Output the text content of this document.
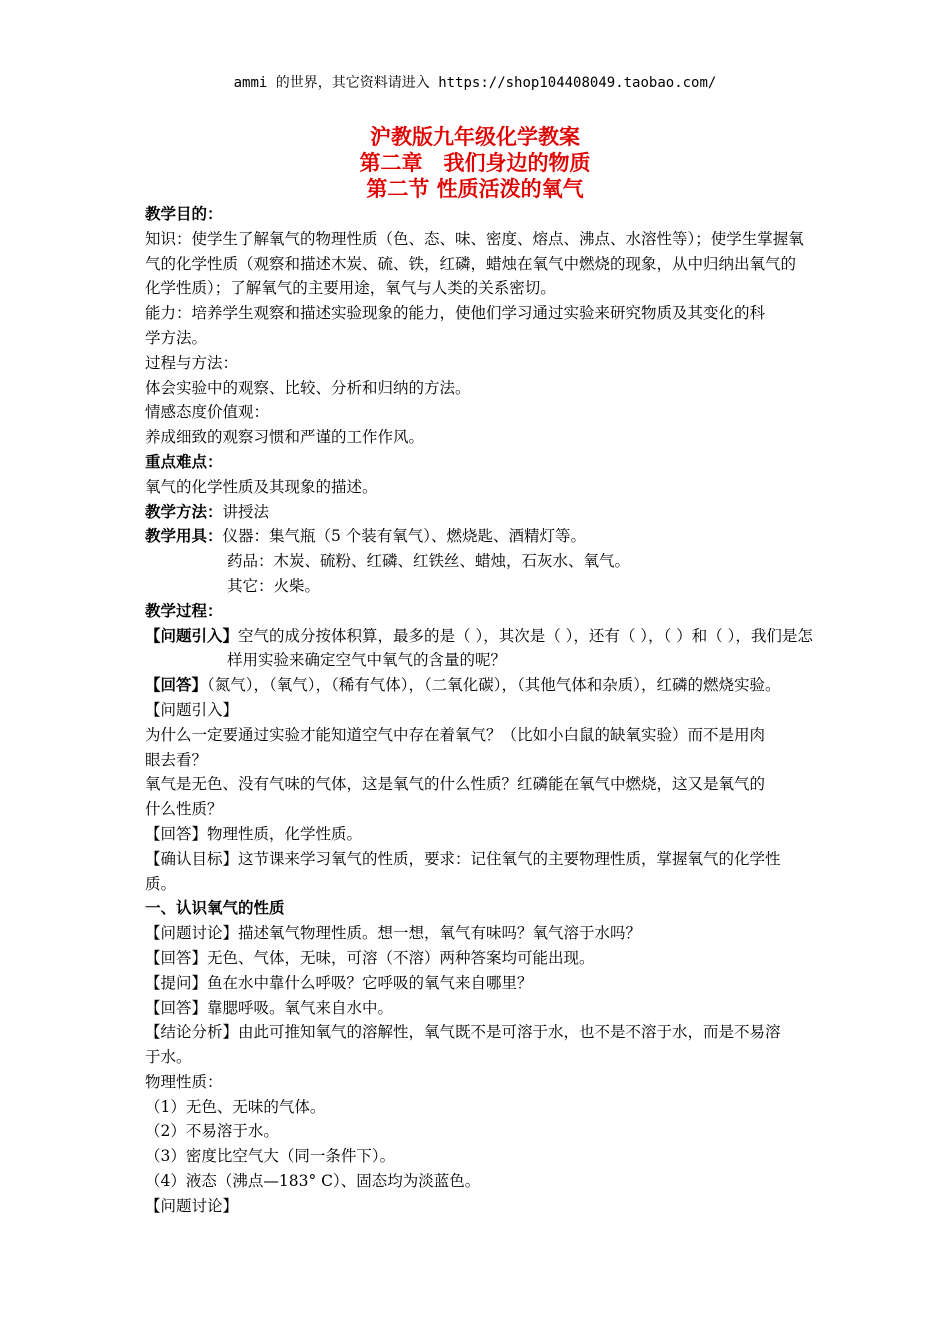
ammi 的世界，其它资料请进入 https://shop104408049.taobao.com/
沪教版九年级化学教案
第二章　我们身边的物质
第二节 性质活泼的氧气
教学目的：
知识：使学生了解氧气的物理性质（色、态、味、密度、熔点、沸点、水溶性等）；使学生掌握氧
气的化学性质（观察和描述木炭、硫、铁，红磷，蜡烛在氧气中燃烧的现象，从中归纳出氧气的
化学性质）；了解氧气的主要用途，氧气与人类的关系密切。
能力：培养学生观察和描述实验现象的能力，使他们学习通过实验来研究物质及其变化的科
学方法。
过程与方法：
体会实验中的观察、比较、分析和归纳的方法。
情感态度价值观：
养成细致的观察习惯和严谨的工作作风。
重点难点：
氧气的化学性质及其现象的描述。
教学方法：讲授法
教学用具：仪器：集气瓶（5 个装有氧气）、燃烧匙、酒精灯等。
药品：木炭、硫粉、红磷、红铁丝、蜡烛，石灰水、氧气。
其它：火柴。
教学过程：
【问题引入】空气的成分按体积算，最多的是（ ），其次是（ ），还有（ ），（ ）和（ ），我们是怎
样用实验来确定空气中氧气的含量的呢？
【回答】（氮气），（氧气），（稀有气体），（二氧化碳），（其他气体和杂质），红磷的燃烧实验。
【问题引入】
为什么一定要通过实验才能知道空气中存在着氧气？（比如小白鼠的缺氧实验）而不是用肉
眼去看？
氧气是无色、没有气味的气体，这是氧气的什么性质？红磷能在氧气中燃烧，这又是氧气的
什么性质？
【回答】物理性质，化学性质。
【确认目标】这节课来学习氧气的性质，要求：记住氧气的主要物理性质，掌握氧气的化学性
质。
一、认识氧气的性质
【问题讨论】描述氧气物理性质。想一想，氧气有味吗？氧气溶于水吗？
【回答】无色、气体，无味，可溶（不溶）两种答案均可能出现。
【提问】鱼在水中靠什么呼吸？它呼吸的氧气来自哪里？
【回答】靠腮呼吸。氧气来自水中。
【结论分析】由此可推知氧气的溶解性，氧气既不是可溶于水，也不是不溶于水，而是不易溶
于水。
物理性质：
（1）无色、无味的气体。
（2）不易溶于水。
（3）密度比空气大（同一条件下）。
（4）液态（沸点—183° C）、固态均为淡蓝色。
【问题讨论】
